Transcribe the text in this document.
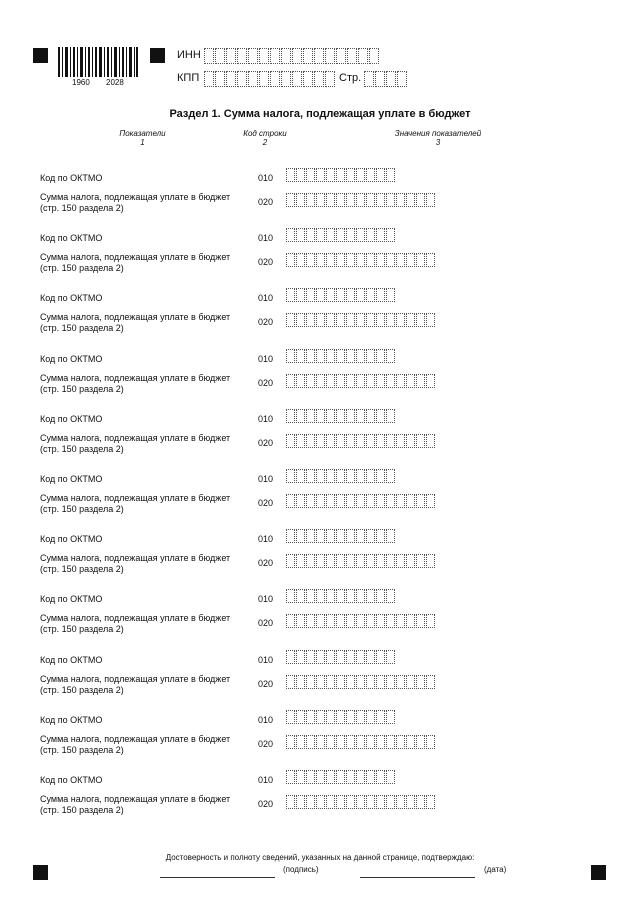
1960 2028
ИНН
КПП	Стр.
Раздел 1. Сумма налога, подлежащая уплате в бюджет
Показатели
1
Код строки
2
Значения показателей
3
Код по ОКТМО	010
Сумма налога, подлежащая уплате в бюджет
(стр. 150 раздела 2)
020
Код по ОКТМО	010
Сумма налога, подлежащая уплате в бюджет
(стр. 150 раздела 2)
020
Код по ОКТМО	010
Сумма налога, подлежащая уплате в бюджет
(стр. 150 раздела 2)
020
Код по ОКТМО	010
Сумма налога, подлежащая уплате в бюджет
(стр. 150 раздела 2)
020
Код по ОКТМО	010
Сумма налога, подлежащая уплате в бюджет
(стр. 150 раздела 2)
020
Код по ОКТМО	010
Сумма налога, подлежащая уплате в бюджет
(стр. 150 раздела 2)
020
Код по ОКТМО	010
Сумма налога, подлежащая уплате в бюджет
(стр. 150 раздела 2)
020
Код по ОКТМО	010
Сумма налога, подлежащая уплате в бюджет
(стр. 150 раздела 2)
020
Код по ОКТМО	010
Сумма налога, подлежащая уплате в бюджет
(стр. 150 раздела 2)
020
Код по ОКТМО	010
Сумма налога, подлежащая уплате в бюджет
(стр. 150 раздела 2)
020
Код по ОКТМО	010
Сумма налога, подлежащая уплате в бюджет
(стр. 150 раздела 2)
020
Достоверность и полноту сведений, указанных на данной странице, подтверждаю:
(подпись)	(дата)
